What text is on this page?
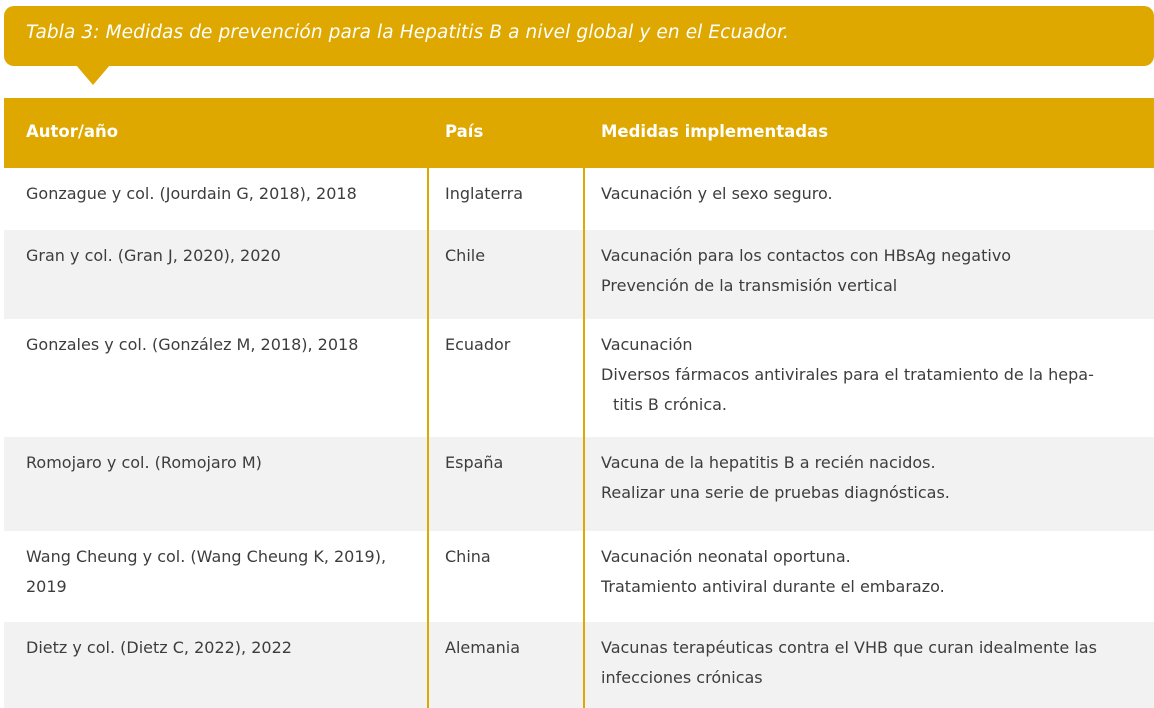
Tabla 3: Medidas de prevención para la Hepatitis B a nivel global y en el Ecuador.
Autor/año	País	Medidas implementadas
Gonzague y col. (Jourdain G, 2018), 2018	Inglaterra	Vacunación y el sexo seguro.
Gran y col. (Gran J, 2020), 2020	Chile	Vacunación para los contactos con HBsAg negativo
Prevención de la transmisión vertical
Gonzales y col. (González M, 2018), 2018	Ecuador	Vacunación
Diversos fármacos antivirales para el tratamiento de la hepa-
titis B crónica.
Romojaro y col. (Romojaro M)	España	Vacuna de la hepatitis B a recién nacidos.
Realizar una serie de pruebas diagnósticas.
Wang Cheung y col. (Wang Cheung K, 2019),
2019
China	Vacunación neonatal oportuna.
Tratamiento antiviral durante el embarazo.
Dietz y col. (Dietz C, 2022), 2022	Alemania	Vacunas terapéuticas contra el VHB que curan idealmente las
infecciones crónicas
